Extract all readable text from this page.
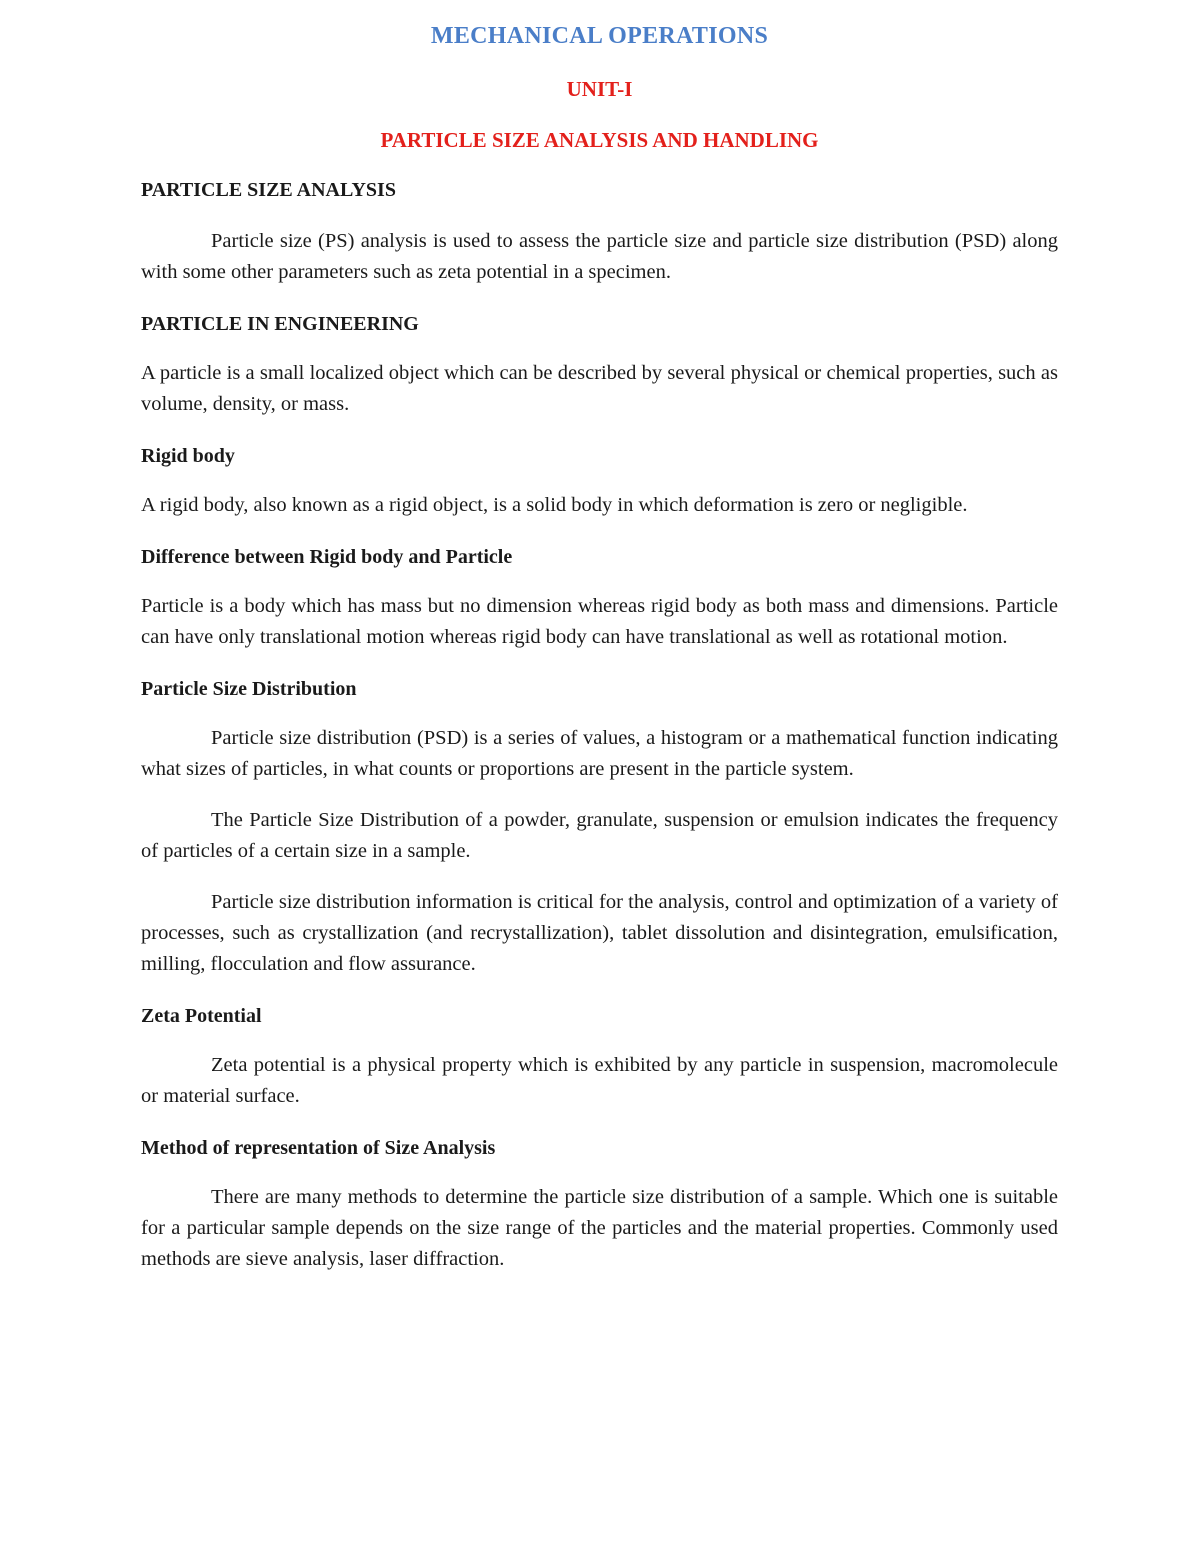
MECHANICAL OPERATIONS
UNIT-I
PARTICLE SIZE ANALYSIS AND HANDLING
PARTICLE SIZE ANALYSIS

Particle size (PS) analysis is used to assess the particle size and particle size distribution (PSD) along with some other parameters such as zeta potential in a specimen.

PARTICLE IN ENGINEERING

A particle is a small localized object which can be described by several physical or chemical properties, such as volume, density, or mass.

Rigid body

A rigid body, also known as a rigid object, is a solid body in which deformation is zero or negligible.

Difference between Rigid body and Particle

Particle is a body which has mass but no dimension whereas rigid body as both mass and dimensions. Particle can have only translational motion whereas rigid body can have translational as well as rotational motion.

Particle Size Distribution

Particle size distribution (PSD) is a series of values, a histogram or a mathematical function indicating what sizes of particles, in what counts or proportions are present in the particle system.

The Particle Size Distribution of a powder, granulate, suspension or emulsion indicates the frequency of particles of a certain size in a sample.

Particle size distribution information is critical for the analysis, control and optimization of a variety of processes, such as crystallization (and recrystallization), tablet dissolution and disintegration, emulsification, milling, flocculation and flow assurance.

Zeta Potential

Zeta potential is a physical property which is exhibited by any particle in suspension, macromolecule or material surface.

Method of representation of Size Analysis

There are many methods to determine the particle size distribution of a sample. Which one is suitable for a particular sample depends on the size range of the particles and the material properties. Commonly used methods are sieve analysis, laser diffraction.
